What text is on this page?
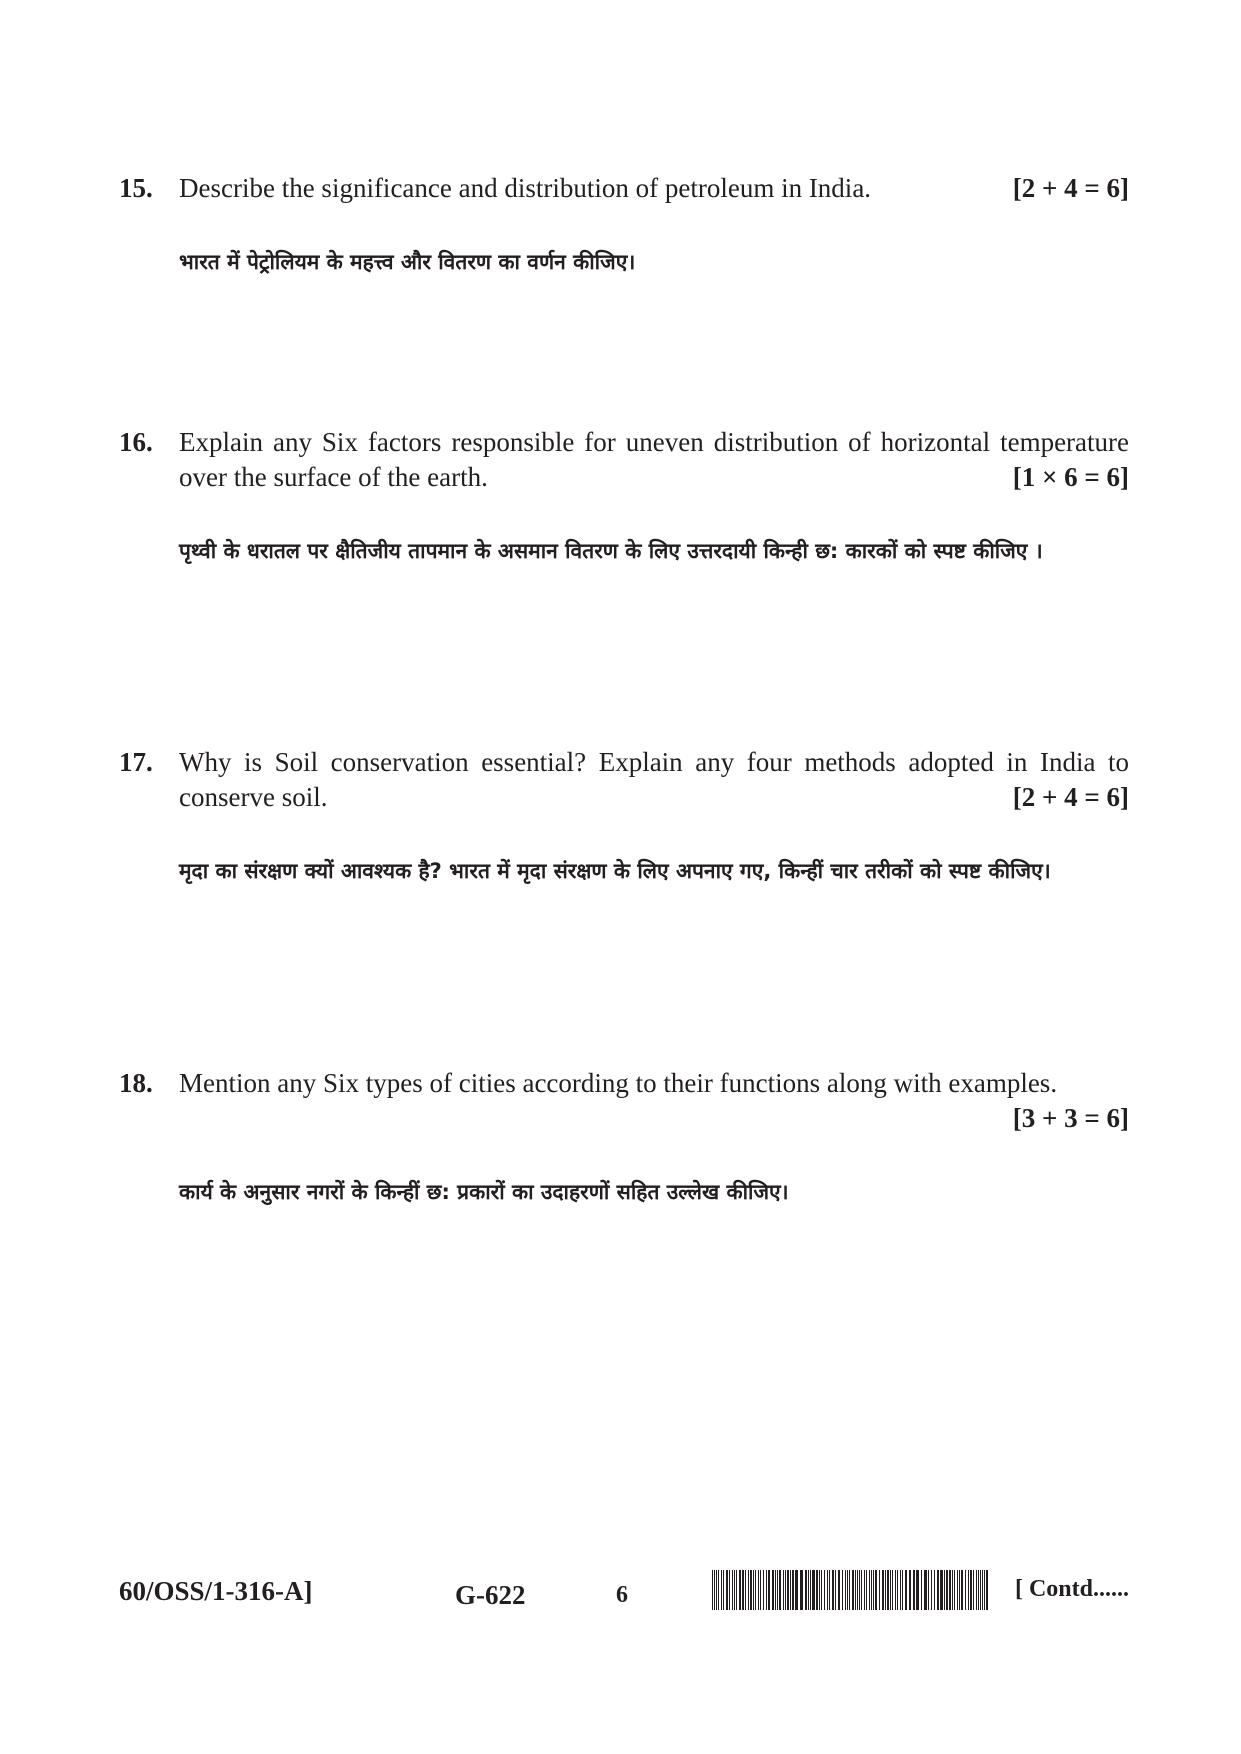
15.	[2 + 4 = 6]
Describe the significance and distribution of petroleum in India.
भारत में पेट्रोलियम के महत्त्व और वितरण का वर्णन कीजिए।
16. Explain any Six factors responsible for uneven distribution of horizontal temperature over the surface of the earth.	[1 × 6 = 6]
पृथ्वी के धरातल पर क्षैतिजीय तापमान के असमान वितरण के लिए उत्तरदायी किन्ही छ: कारकों को स्पष्ट कीजिए ।
17. Why is Soil conservation essential? Explain any four methods adopted in India to conserve soil.	[2 + 4 = 6]
मृदा का संरक्षण क्यों आवश्यक है? भारत में मृदा संरक्षण के लिए अपनाए गए, किन्हीं चार तरीकों को स्पष्ट कीजिए।
18. Mention any Six types of cities according to their functions along with examples.
[3 + 3 = 6]
कार्य के अनुसार नगरों के किन्हीं छ: प्रकारों का उदाहरणों सहित उल्लेख कीजिए।
60/OSS/1-316-A]	G-622	6	[ Contd......
